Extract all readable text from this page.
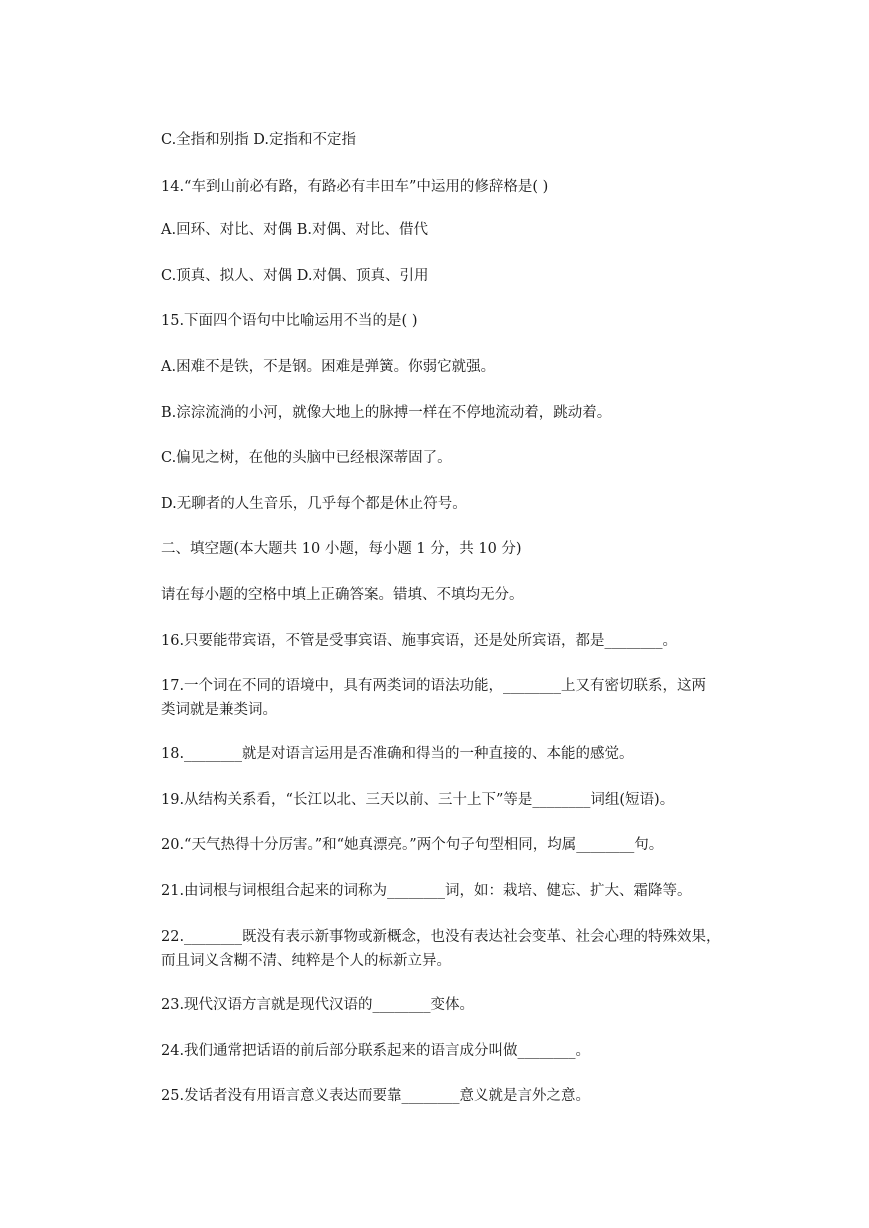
C.全指和别指 D.定指和不定指
14.“车到山前必有路，有路必有丰田车”中运用的修辞格是( )
A.回环、对比、对偶 B.对偶、对比、借代
C.顶真、拟人、对偶 D.对偶、顶真、引用
15.下面四个语句中比喻运用不当的是( )
A.困难不是铁，不是钢。困难是弹簧。你弱它就强。
B.淙淙流淌的小河，就像大地上的脉搏一样在不停地流动着，跳动着。
C.偏见之树，在他的头脑中已经根深蒂固了。
D.无聊者的人生音乐，几乎每个都是休止符号。
二、填空题(本大题共 10 小题，每小题 1 分，共 10 分)
请在每小题的空格中填上正确答案。错填、不填均无分。
16.只要能带宾语，不管是受事宾语、施事宾语，还是处所宾语，都是________。
17.一个词在不同的语境中，具有两类词的语法功能，________上又有密切联系，这两
类词就是兼类词。
18.________就是对语言运用是否准确和得当的一种直接的、本能的感觉。
19.从结构关系看，“长江以北、三天以前、三十上下”等是________词组(短语)。
20.“天气热得十分厉害。”和“她真漂亮。”两个句子句型相同，均属________句。
21.由词根与词根组合起来的词称为________词，如：栽培、健忘、扩大、霜降等。
22.________既没有表示新事物或新概念，也没有表达社会变革、社会心理的特殊效果，
而且词义含糊不清、纯粹是个人的标新立异。
23.现代汉语方言就是现代汉语的________变体。
24.我们通常把话语的前后部分联系起来的语言成分叫做________。
25.发话者没有用语言意义表达而要靠________意义就是言外之意。
